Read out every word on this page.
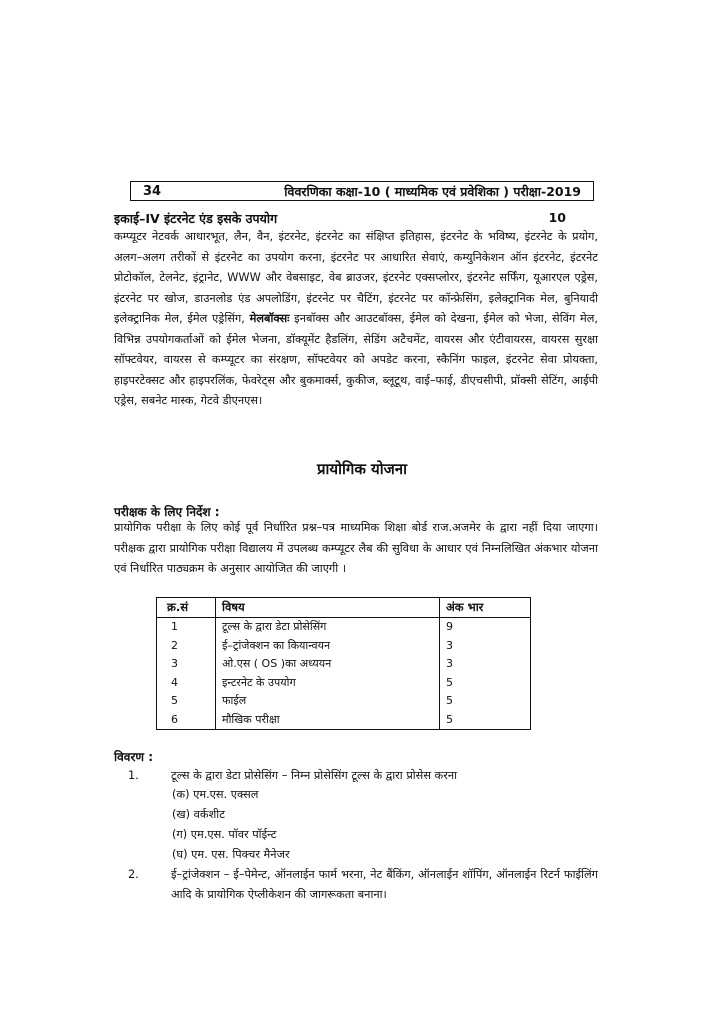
34	विवरणिका कक्षा-10 ( माध्यमिक एवं प्रवेशिका ) परीक्षा-2019
इकाई–IV इंटरनेट एंड इसके उपयोग	10
कम्प्यूटर नेटवर्क आधारभूत, लैन, वैन, इंटरनेट, इंटरनेट का संक्षिप्त इतिहास, इंटरनेट के भविष्य, इंटरनेट के प्रयोग, अलग–अलग तरीकों से इंटरनेट का उपयोग करना, इंटरनेट पर आधारित सेवाएं, कम्युनिकेशन ऑन इंटरनेट, इंटरनेट प्रोटोकॉल, टेलनेट, इंट्रानेट, WWW और वेबसाइट, वेब ब्राउजर, इंटरनेट एक्सप्लोरर, इंटरनेट सर्फिंग, यूआरएल एड्रेस, इंटरनेट पर खोज, डाउनलोड एंड अपलोडिंग, इंटरनेट पर चैटिंग, इंटरनेट पर कॉन्फ्रेसिंग, इलेक्ट्रानिक मेल, बुनियादी इलेक्ट्रानिक मेल, ईमेल एड्रेसिंग, मेलबॉक्सः इनबॉक्स और आउटबॉक्स, ईमेल को देखना, ईमेल को भेजा, सेविंग मेल, विभिन्न उपयोगकर्ताओं को ईमेल भेजना, डॉक्यूमेंट हैडलिंग, सेडिंग अटैचमेंट, वायरस और एंटीवायरस, वायरस सुरक्षा सॉफ्टवेयर, वायरस से कम्प्यूटर का संरक्षण, सॉफ्टवेयर को अपडेट करना, स्कैनिंग फाइल, इंटरनेट सेवा प्रोयक्ता, हाइपरटेक्सट और हाइपरलिंक, फेवरेट्स और बुकमार्क्स, कुकीज, ब्लूटूथ, वाई–फाई, डीएचसीपी, प्रॉक्सी सेटिंग, आईपी एड्रेस, सबनेट मास्क, गेटवे डीएनएस।
प्रायोगिक योजना
परीक्षक के लिए निर्देश :
प्रायोगिक परीक्षा के लिए कोई पूर्व निर्धारित प्रश्न–पत्र माध्यमिक शिक्षा बोर्ड राज.अजमेर के द्वारा नहीं दिया जाएगा। परीक्षक द्वारा प्रायोगिक परीक्षा विद्यालय में उपलब्ध कम्प्यूटर लैब की सुविधा के आधार एवं निम्नलिखित अंकभार योजना एवं निर्धारित पाठ्यक्रम के अनुसार आयोजित की जाएगी ।
क्र.सं	विषय	अंक भार
1	टूल्स के द्वारा डेटा प्रोसेसिंग	9
2	ई–ट्रांजेक्शन का कियान्वयन	3
3	ओ.एस ( OS )का अध्ययन	3
4	इन्टरनेट के उपयोग	5
5	फाईल	5
6	मौखिक परीक्षा	5
विवरण :
1.	टूल्स के द्वारा डेटा प्रोसेसिंग – निम्न प्रोसेसिंग टूल्स के द्वारा प्रोसेस करना
(क) एम.एस. एक्सल
(ख) वर्कशीट
(ग) एम.एस. पॉवर पॉईन्ट
(घ) एम. एस. पिक्चर मैनेजर
2.	ई–ट्रांजेक्शन – ई–पेमेन्ट, ऑनलाईन फार्म भरना, नेट बैंकिंग, ऑनलाईन शॉपिंग, ऑनलाईन रिटर्न फाईलिंग आदि के प्रायोगिक ऐप्लीकेशन की जागरूकता बनाना।
